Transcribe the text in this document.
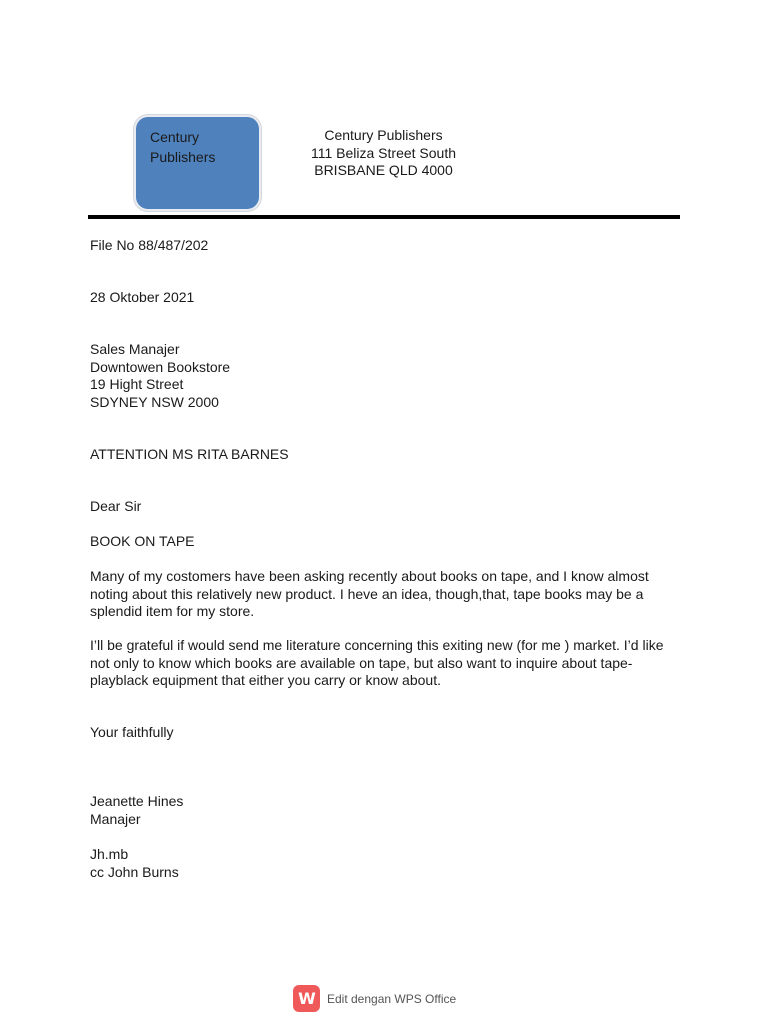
Century
Publishers
Century Publishers
111 Beliza Street South
BRISBANE QLD 4000
File No 88/487/202
28 Oktober 2021
Sales Manajer
Downtowen Bookstore
19 Hight Street
SDYNEY NSW 2000
ATTENTION MS RITA BARNES
Dear Sir
BOOK ON TAPE
Many of my costomers have been asking recently about books on tape, and I know almost
noting about this relatively new product. I heve an idea, though,that, tape books may be a
splendid item for my store.
I’ll be grateful if would send me literature concerning this exiting new (for me ) market. I’d like
not only to know which books are available on tape, but also want to inquire about tape-
playblack equipment that either you carry or know about.
Your faithfully
Jeanette Hines
Manajer
Jh.mb
cc John Burns
W	Edit dengan WPS Office
